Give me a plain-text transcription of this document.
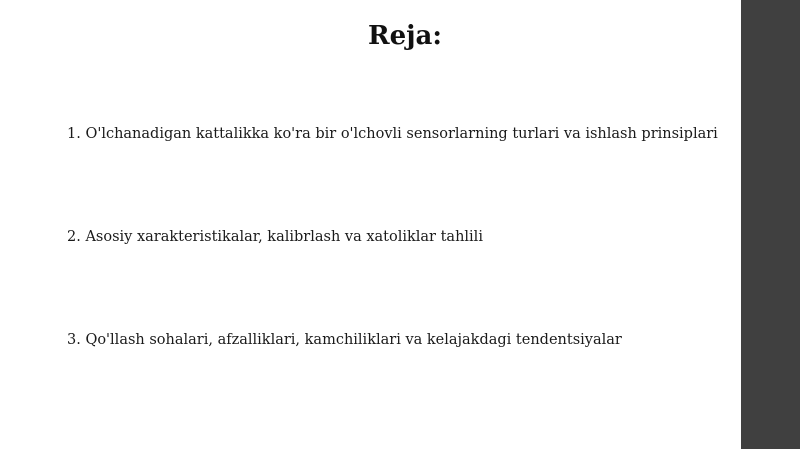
Reja:
1. O'lchanadigan kattalikka ko'ra bir o'lchovli sensorlarning turlari va ishlash prinsiplari
2. Asosiy xarakteristikalar, kalibrlash va xatoliklar tahlili
3. Qo'llash sohalari, afzalliklari, kamchiliklari va kelajakdagi tendentsiyalar
